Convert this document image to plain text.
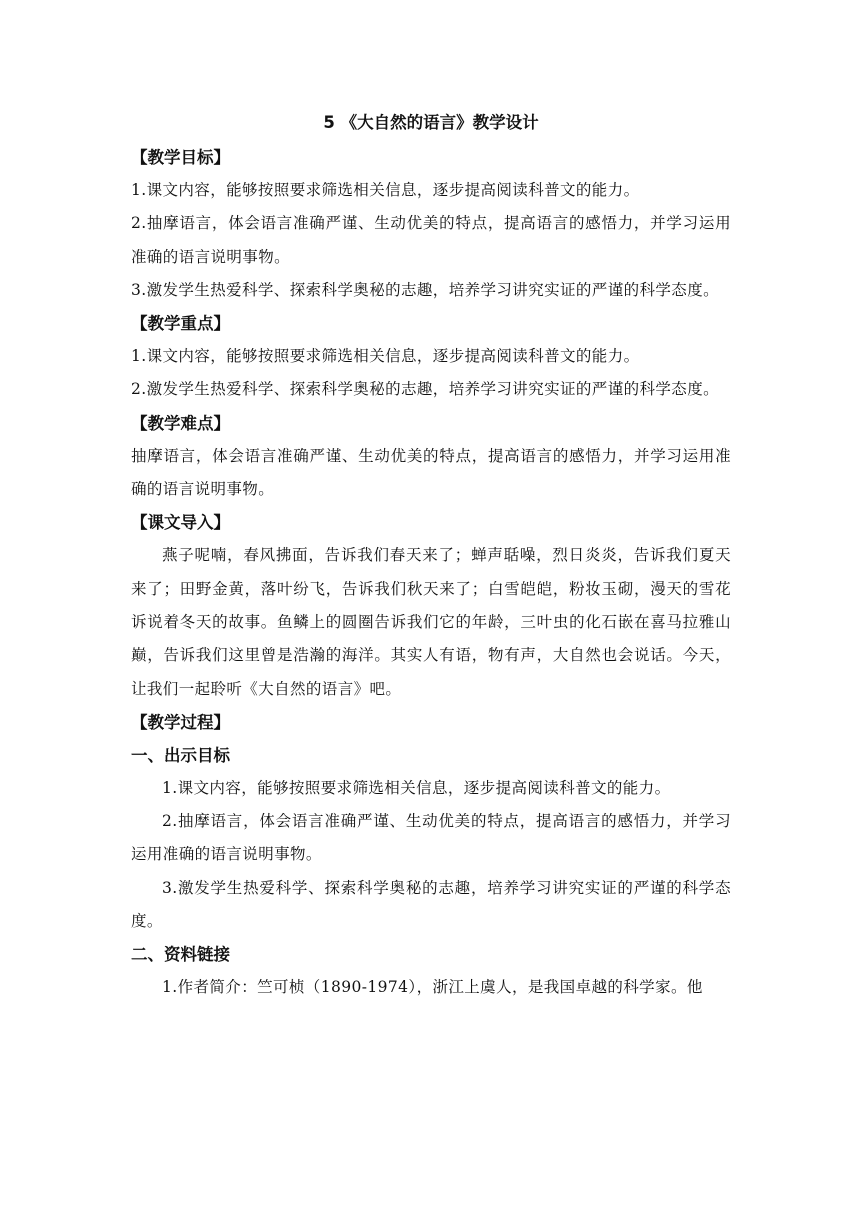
5 《大自然的语言》教学设计
【教学目标】

1.课文内容，能够按照要求筛选相关信息，逐步提高阅读科普文的能力。

2.抽摩语言，体会语言准确严谨、生动优美的特点，提高语言的感悟力，并学习运用准确的语言说明事物。

3.激发学生热爱科学、探索科学奥秘的志趣，培养学习讲究实证的严谨的科学态度。

【教学重点】

1.课文内容，能够按照要求筛选相关信息，逐步提高阅读科普文的能力。

2.激发学生热爱科学、探索科学奥秘的志趣，培养学习讲究实证的严谨的科学态度。

【教学难点】

抽摩语言，体会语言准确严谨、生动优美的特点，提高语言的感悟力，并学习运用准确的语言说明事物。

【课文导入】

燕子呢喃，春风拂面，告诉我们春天来了；蝉声聒噪，烈日炎炎，告诉我们夏天来了；田野金黄，落叶纷飞，告诉我们秋天来了；白雪皑皑，粉妆玉砌，漫天的雪花诉说着冬天的故事。鱼鳞上的圆圈告诉我们它的年龄，三叶虫的化石嵌在喜马拉雅山巅，告诉我们这里曾是浩瀚的海洋。其实人有语，物有声，大自然也会说话。今天，让我们一起聆听《大自然的语言》吧。

【教学过程】
一、出示目标

1.课文内容，能够按照要求筛选相关信息，逐步提高阅读科普文的能力。

2.抽摩语言，体会语言准确严谨、生动优美的特点，提高语言的感悟力，并学习运用准确的语言说明事物。

3.激发学生热爱科学、探索科学奥秘的志趣，培养学习讲究实证的严谨的科学态度。

二、资料链接

1.作者简介：竺可桢（1890-1974），浙江上虞人，是我国卓越的科学家。他
